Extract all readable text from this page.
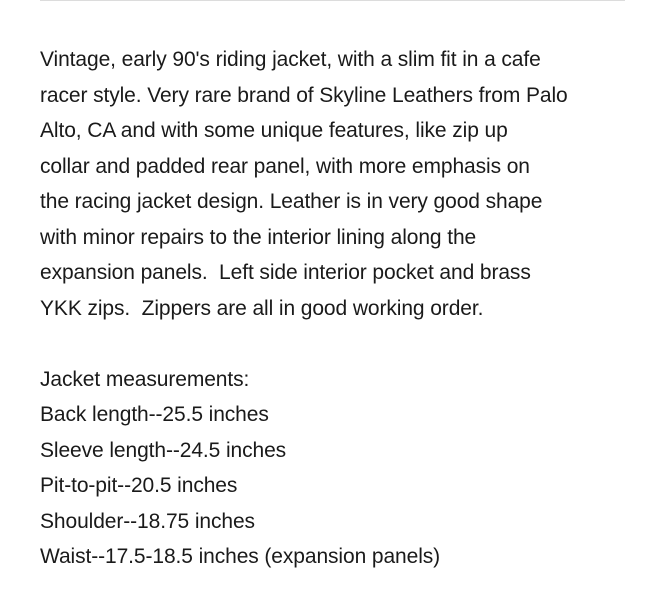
Vintage, early 90's riding jacket, with a slim fit in a cafe
racer style. Very rare brand of Skyline Leathers from Palo
Alto, CA and with some unique features, like zip up
collar and padded rear panel, with more emphasis on
the racing jacket design. Leather is in very good shape
with minor repairs to the interior lining along the
expansion panels.  Left side interior pocket and brass
YKK zips.  Zippers are all in good working order.
Jacket measurements:
Back length--25.5 inches
Sleeve length--24.5 inches
Pit-to-pit--20.5 inches
Shoulder--18.75 inches
Waist--17.5-18.5 inches (expansion panels)
